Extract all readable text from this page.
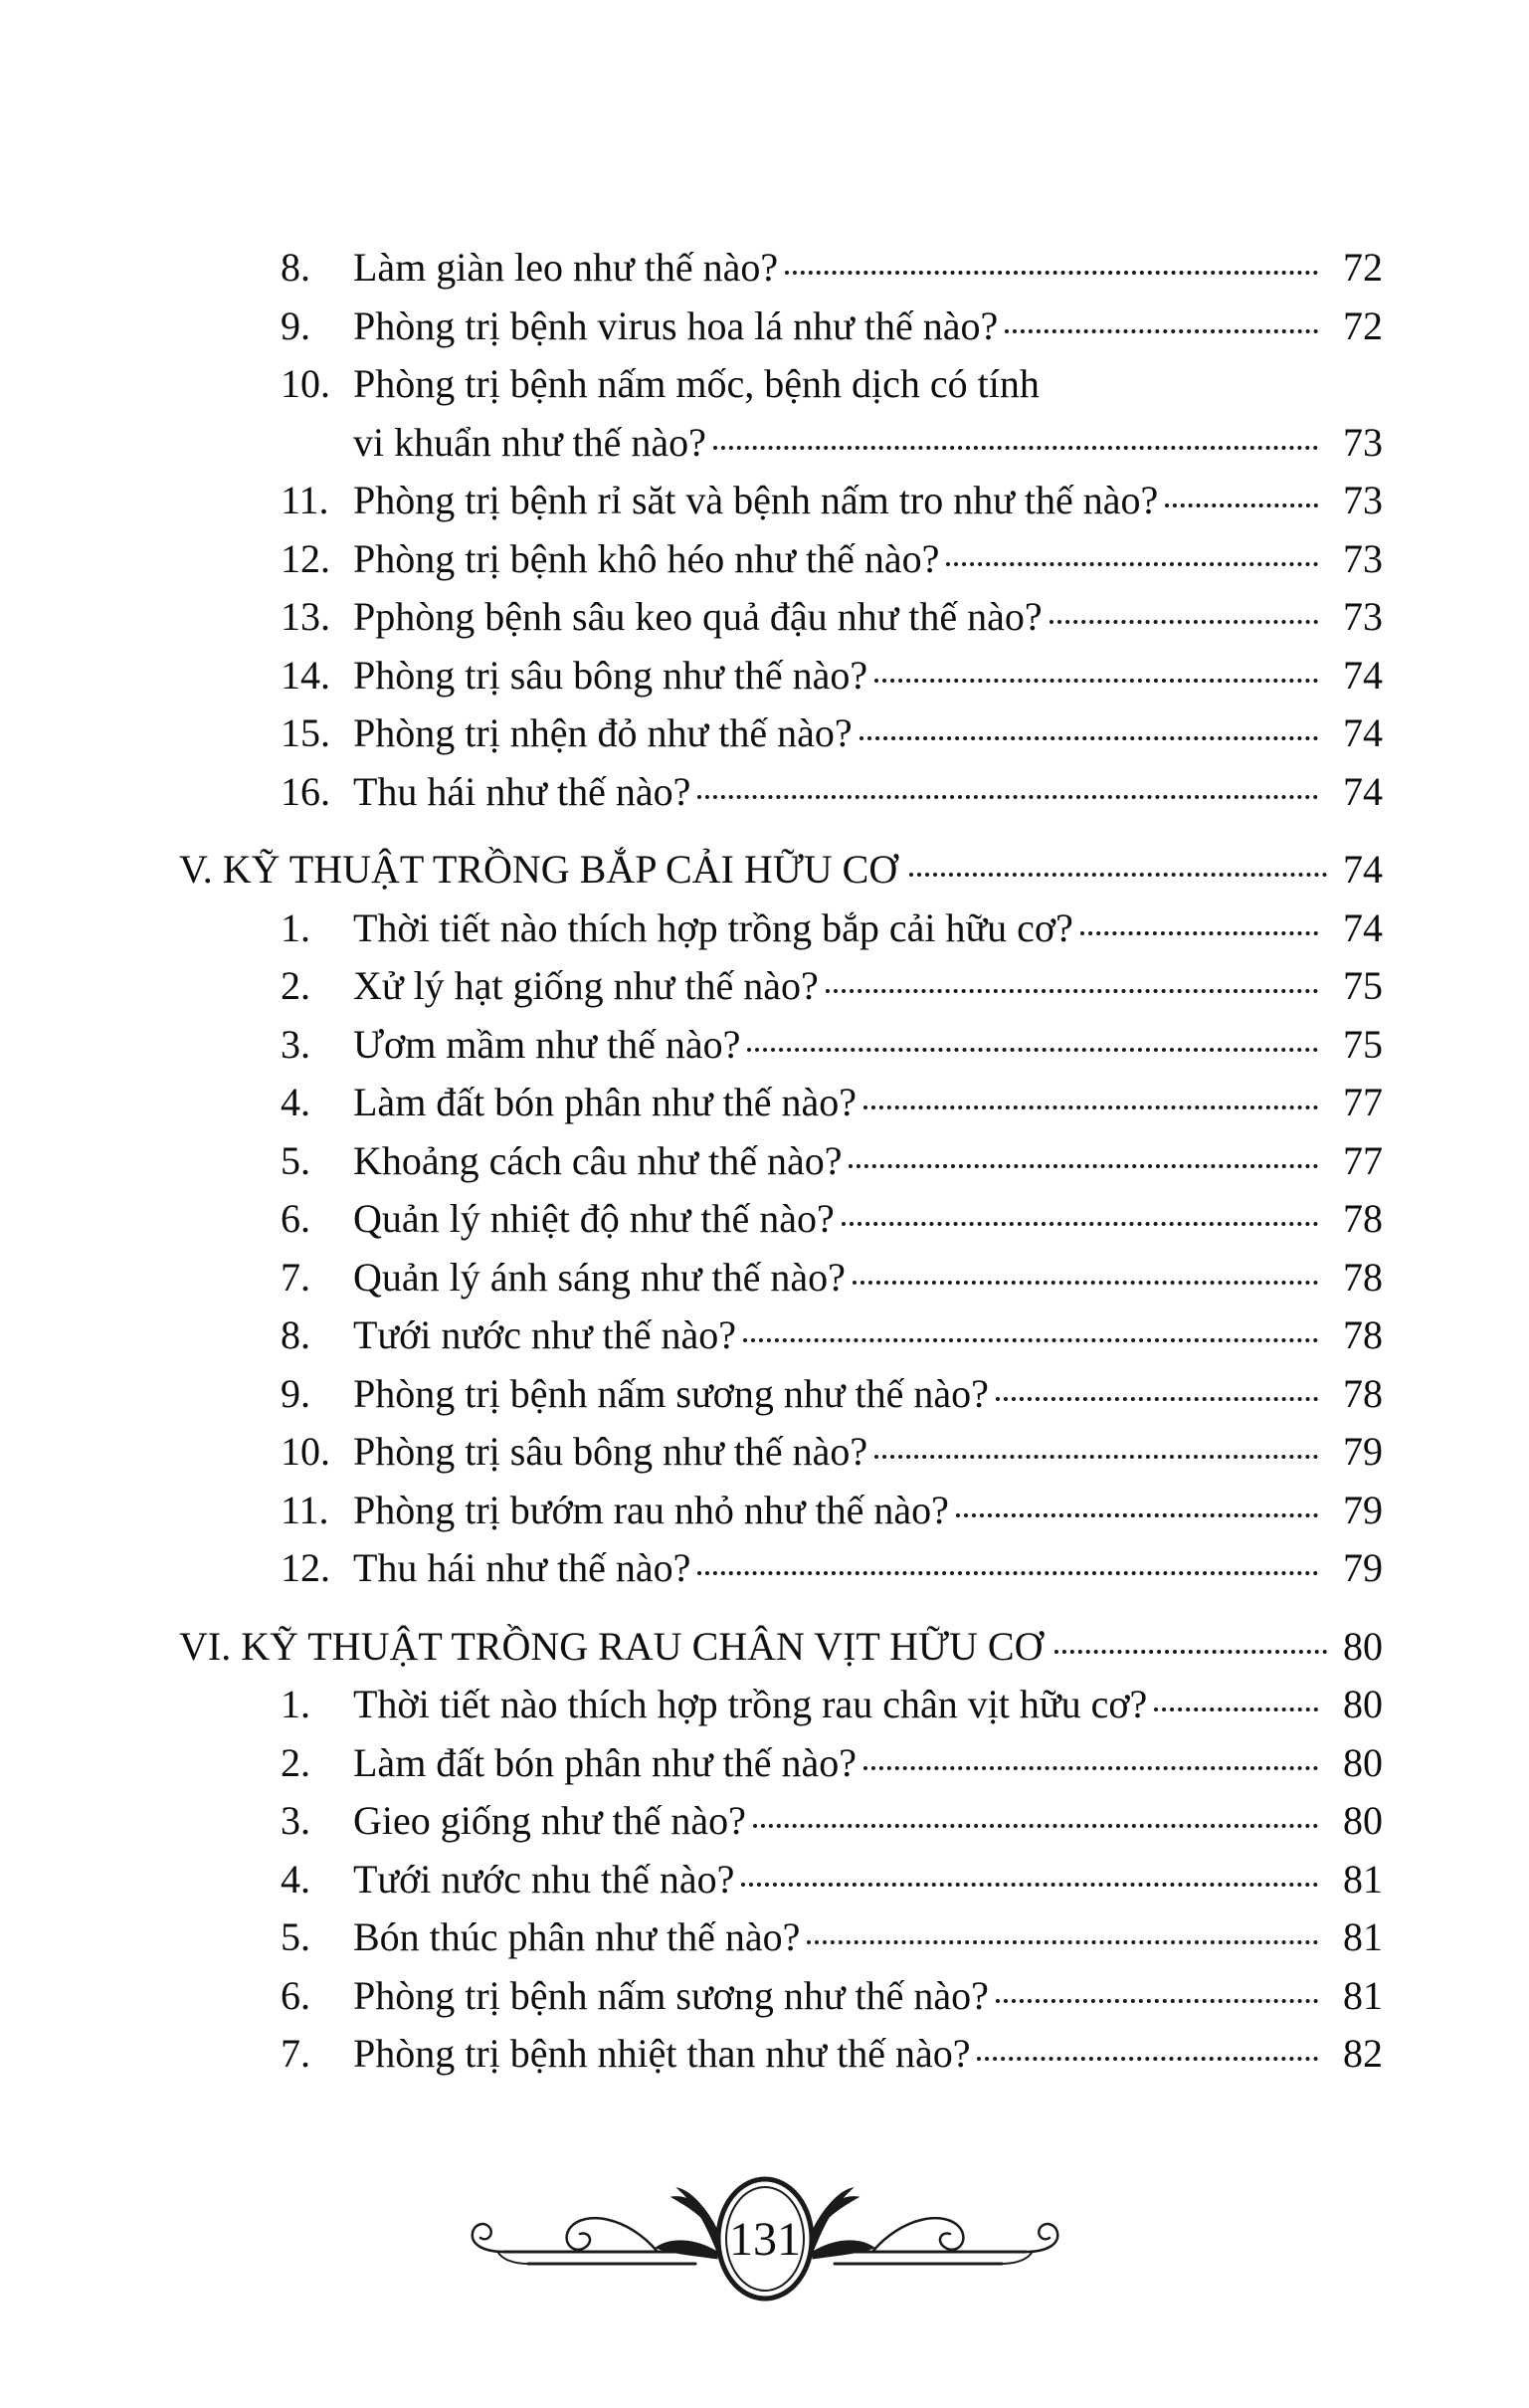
8.	Làm giàn leo như thế nào?	72
9.	Phòng trị bệnh virus hoa lá như thế nào?	72
10. Phòng trị bệnh nấm mốc, bệnh dịch có tính
vi khuẩn như thế nào?	73
11. Phòng trị bệnh rỉ săt và bệnh nấm tro như thế nào?	73
12. Phòng trị bệnh khô héo như thế nào?	73
13. Pphòng bệnh sâu keo quả đậu như thế nào?	73
14. Phòng trị sâu bông như thế nào?	74
15. Phòng trị nhện đỏ như thế nào?	74
16. Thu hái như thế nào?	74
V. KỸ THUẬT TRỒNG BẮP CẢI HỮU CƠ	74
1.	Thời tiết nào thích hợp trồng bắp cải hữu cơ?	74
2.	Xử lý hạt giống như thế nào?	75
3.	Ươm mầm như thế nào?	75
4.	Làm đất bón phân như thế nào?	77
5.	Khoảng cách câu như thế nào?	77
6.	Quản lý nhiệt độ như thế nào?	78
7.	Quản lý ánh sáng như thế nào?	78
8.	Tưới nước như thế nào?	78
9.	Phòng trị bệnh nấm sương như thế nào?	78
10. Phòng trị sâu bông như thế nào?	79
11. Phòng trị bướm rau nhỏ như thế nào?	79
12. Thu hái như thế nào?	79
VI. KỸ THUẬT TRỒNG RAU CHÂN VỊT HỮU CƠ	80
1.	Thời tiết nào thích hợp trồng rau chân vịt hữu cơ?	80
2.	Làm đất bón phân như thế nào?	80
3.	Gieo giống như thế nào?	80
4.	Tưới nước nhu thế nào?	81
5.	Bón thúc phân như thế nào?	81
6.	Phòng trị bệnh nấm sương như thế nào?	81
7.	Phòng trị bệnh nhiệt than như thế nào?	82
131
